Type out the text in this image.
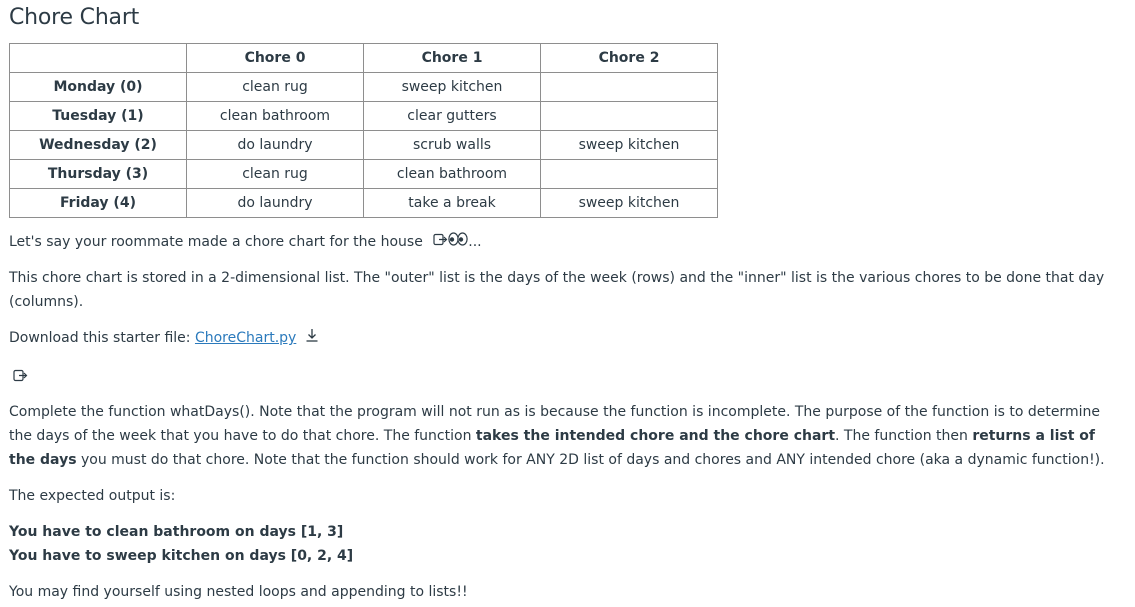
Chore Chart
	Chore 0	Chore 1	Chore 2
Monday (0)	clean rug	sweep kitchen	
Tuesday (1)	clean bathroom	clear gutters	
Wednesday (2)	do laundry	scrub walls	sweep kitchen
Thursday (3)	clean rug	clean bathroom	
Friday (4)	do laundry	take a break	sweep kitchen

Let's say your roommate made a chore chart for the house	...

This chore chart is stored in a 2-dimensional list. The "outer" list is the days of the week (rows) and the "inner" list is the various chores to be done that day (columns).

Download this starter file: ChoreChart.py

Complete the function whatDays(). Note that the program will not run as is because the function is incomplete. The purpose of the function is to determine the days of the week that you have to do that chore. The function takes the intended chore and the chore chart. The function then returns a list of the days you must do that chore. Note that the function should work for ANY 2D list of days and chores and ANY intended chore (aka a dynamic function!).

The expected output is:

You have to clean bathroom on days [1, 3]
You have to sweep kitchen on days [0, 2, 4]

You may find yourself using nested loops and appending to lists!!
